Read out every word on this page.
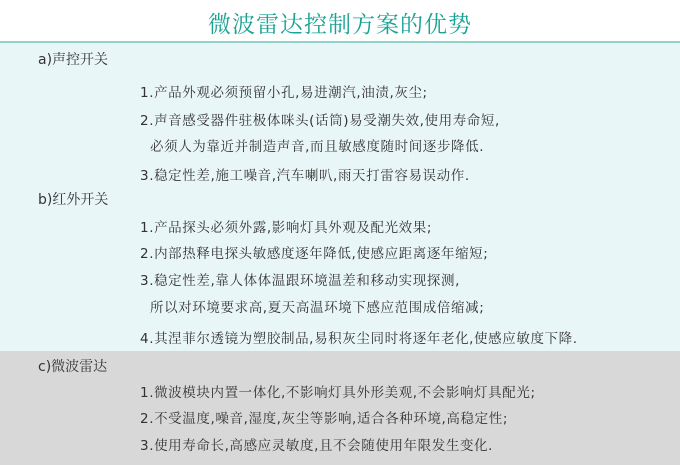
微波雷达控制方案的优势
a)声控开关
1.产品外观必须预留小孔,易进潮汽,油渍,灰尘;
2.声音感受器件驻极体咪头(话筒)易受潮失效,使用寿命短,
必须人为靠近并制造声音,而且敏感度随时间逐步降低.
3.稳定性差,施工噪音,汽车喇叭,雨天打雷容易误动作.
b)红外开关
1.产品探头必须外露,影响灯具外观及配光效果;
2.内部热释电探头敏感度逐年降低,使感应距离逐年缩短;
3.稳定性差,靠人体体温跟环境温差和移动实现探测,
所以对环境要求高,夏天高温环境下感应范围成倍缩减;
4.其涅菲尔透镜为塑胶制品,易积灰尘同时将逐年老化,使感应敏度下降.
c)微波雷达
1.微波模块内置一体化,不影响灯具外形美观,不会影响灯具配光;
2.不受温度,噪音,湿度,灰尘等影响,适合各种环境,高稳定性;
3.使用寿命长,高感应灵敏度,且不会随使用年限发生变化.
